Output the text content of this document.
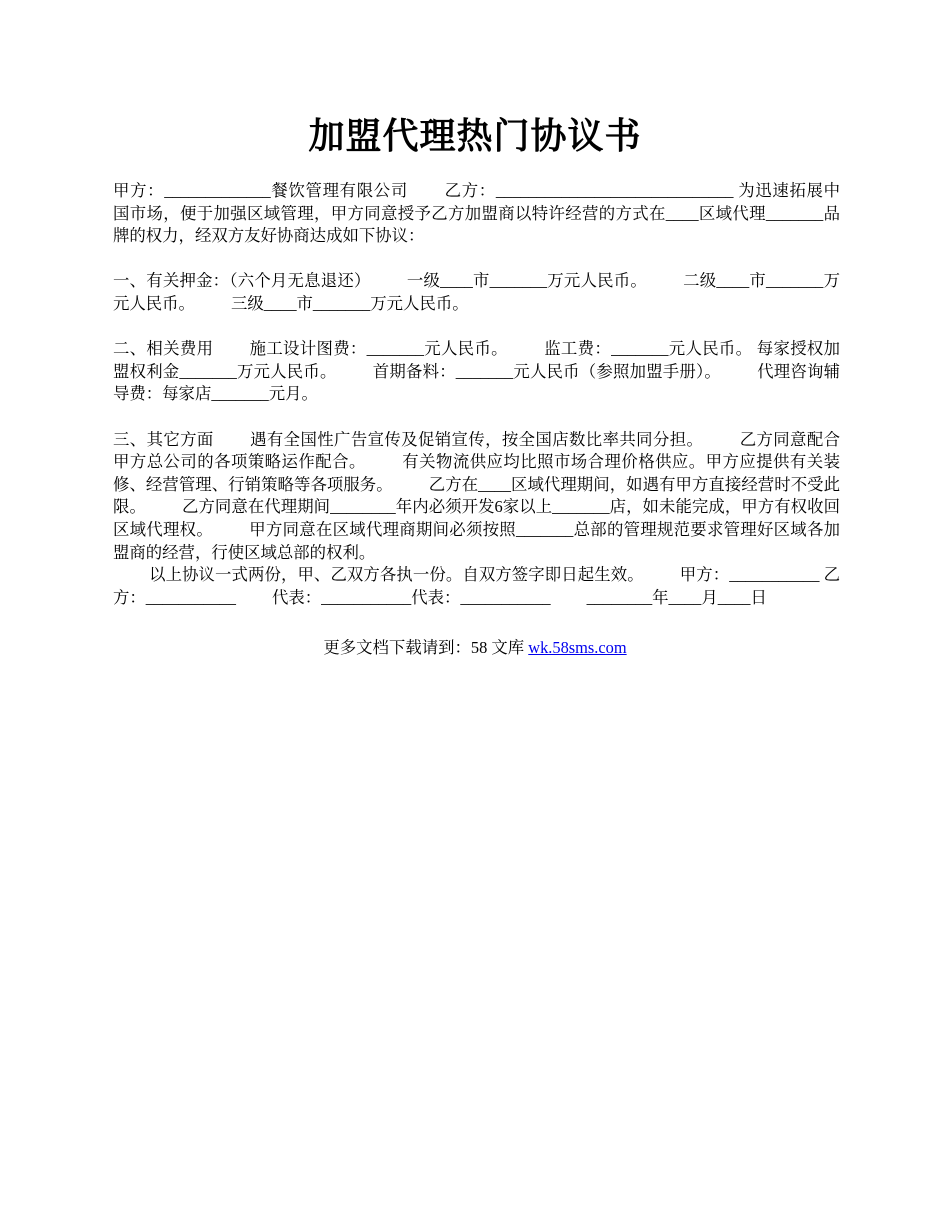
加盟代理热门协议书

甲方：_____________餐饮管理有限公司 乙方：_____________________________ 为迅速拓展中国市场，便于加强区域管理，甲方同意授予乙方加盟商以特许经营的方式在____区域代理_______品牌的权力，经双方友好协商达成如下协议：

一、有关押金：（六个月无息退还） 一级____市_______万元人民币。 二级____市_______万元人民币。 三级____市_______万元人民币。

二、相关费用 施工设计图费：_______元人民币。 监工费：_______元人民币。 每家授权加盟权利金_______万元人民币。 首期备料：_______元人民币（参照加盟手册）。 代理咨询辅导费：每家店_______元月。

三、其它方面 遇有全国性广告宣传及促销宣传，按全国店数比率共同分担。 乙方同意配合甲方总公司的各项策略运作配合。 有关物流供应均比照市场合理价格供应。甲方应提供有关装修、经营管理、行销策略等各项服务。 乙方在____区域代理期间，如遇有甲方直接经营时不受此限。 乙方同意在代理期间________年内必须开发6家以上_______店，如未能完成，甲方有权收回区域代理权。 甲方同意在区域代理商期间必须按照_______总部的管理规范要求管理好区域各加盟商的经营，行使区域总部的权利。

以上协议一式两份，甲、乙双方各执一份。自双方签字即日起生效。 甲方：___________ 乙方：___________ 代表：___________代表：___________ ________年____月____日

更多文档下载请到：58 文库 wk.58sms.com
